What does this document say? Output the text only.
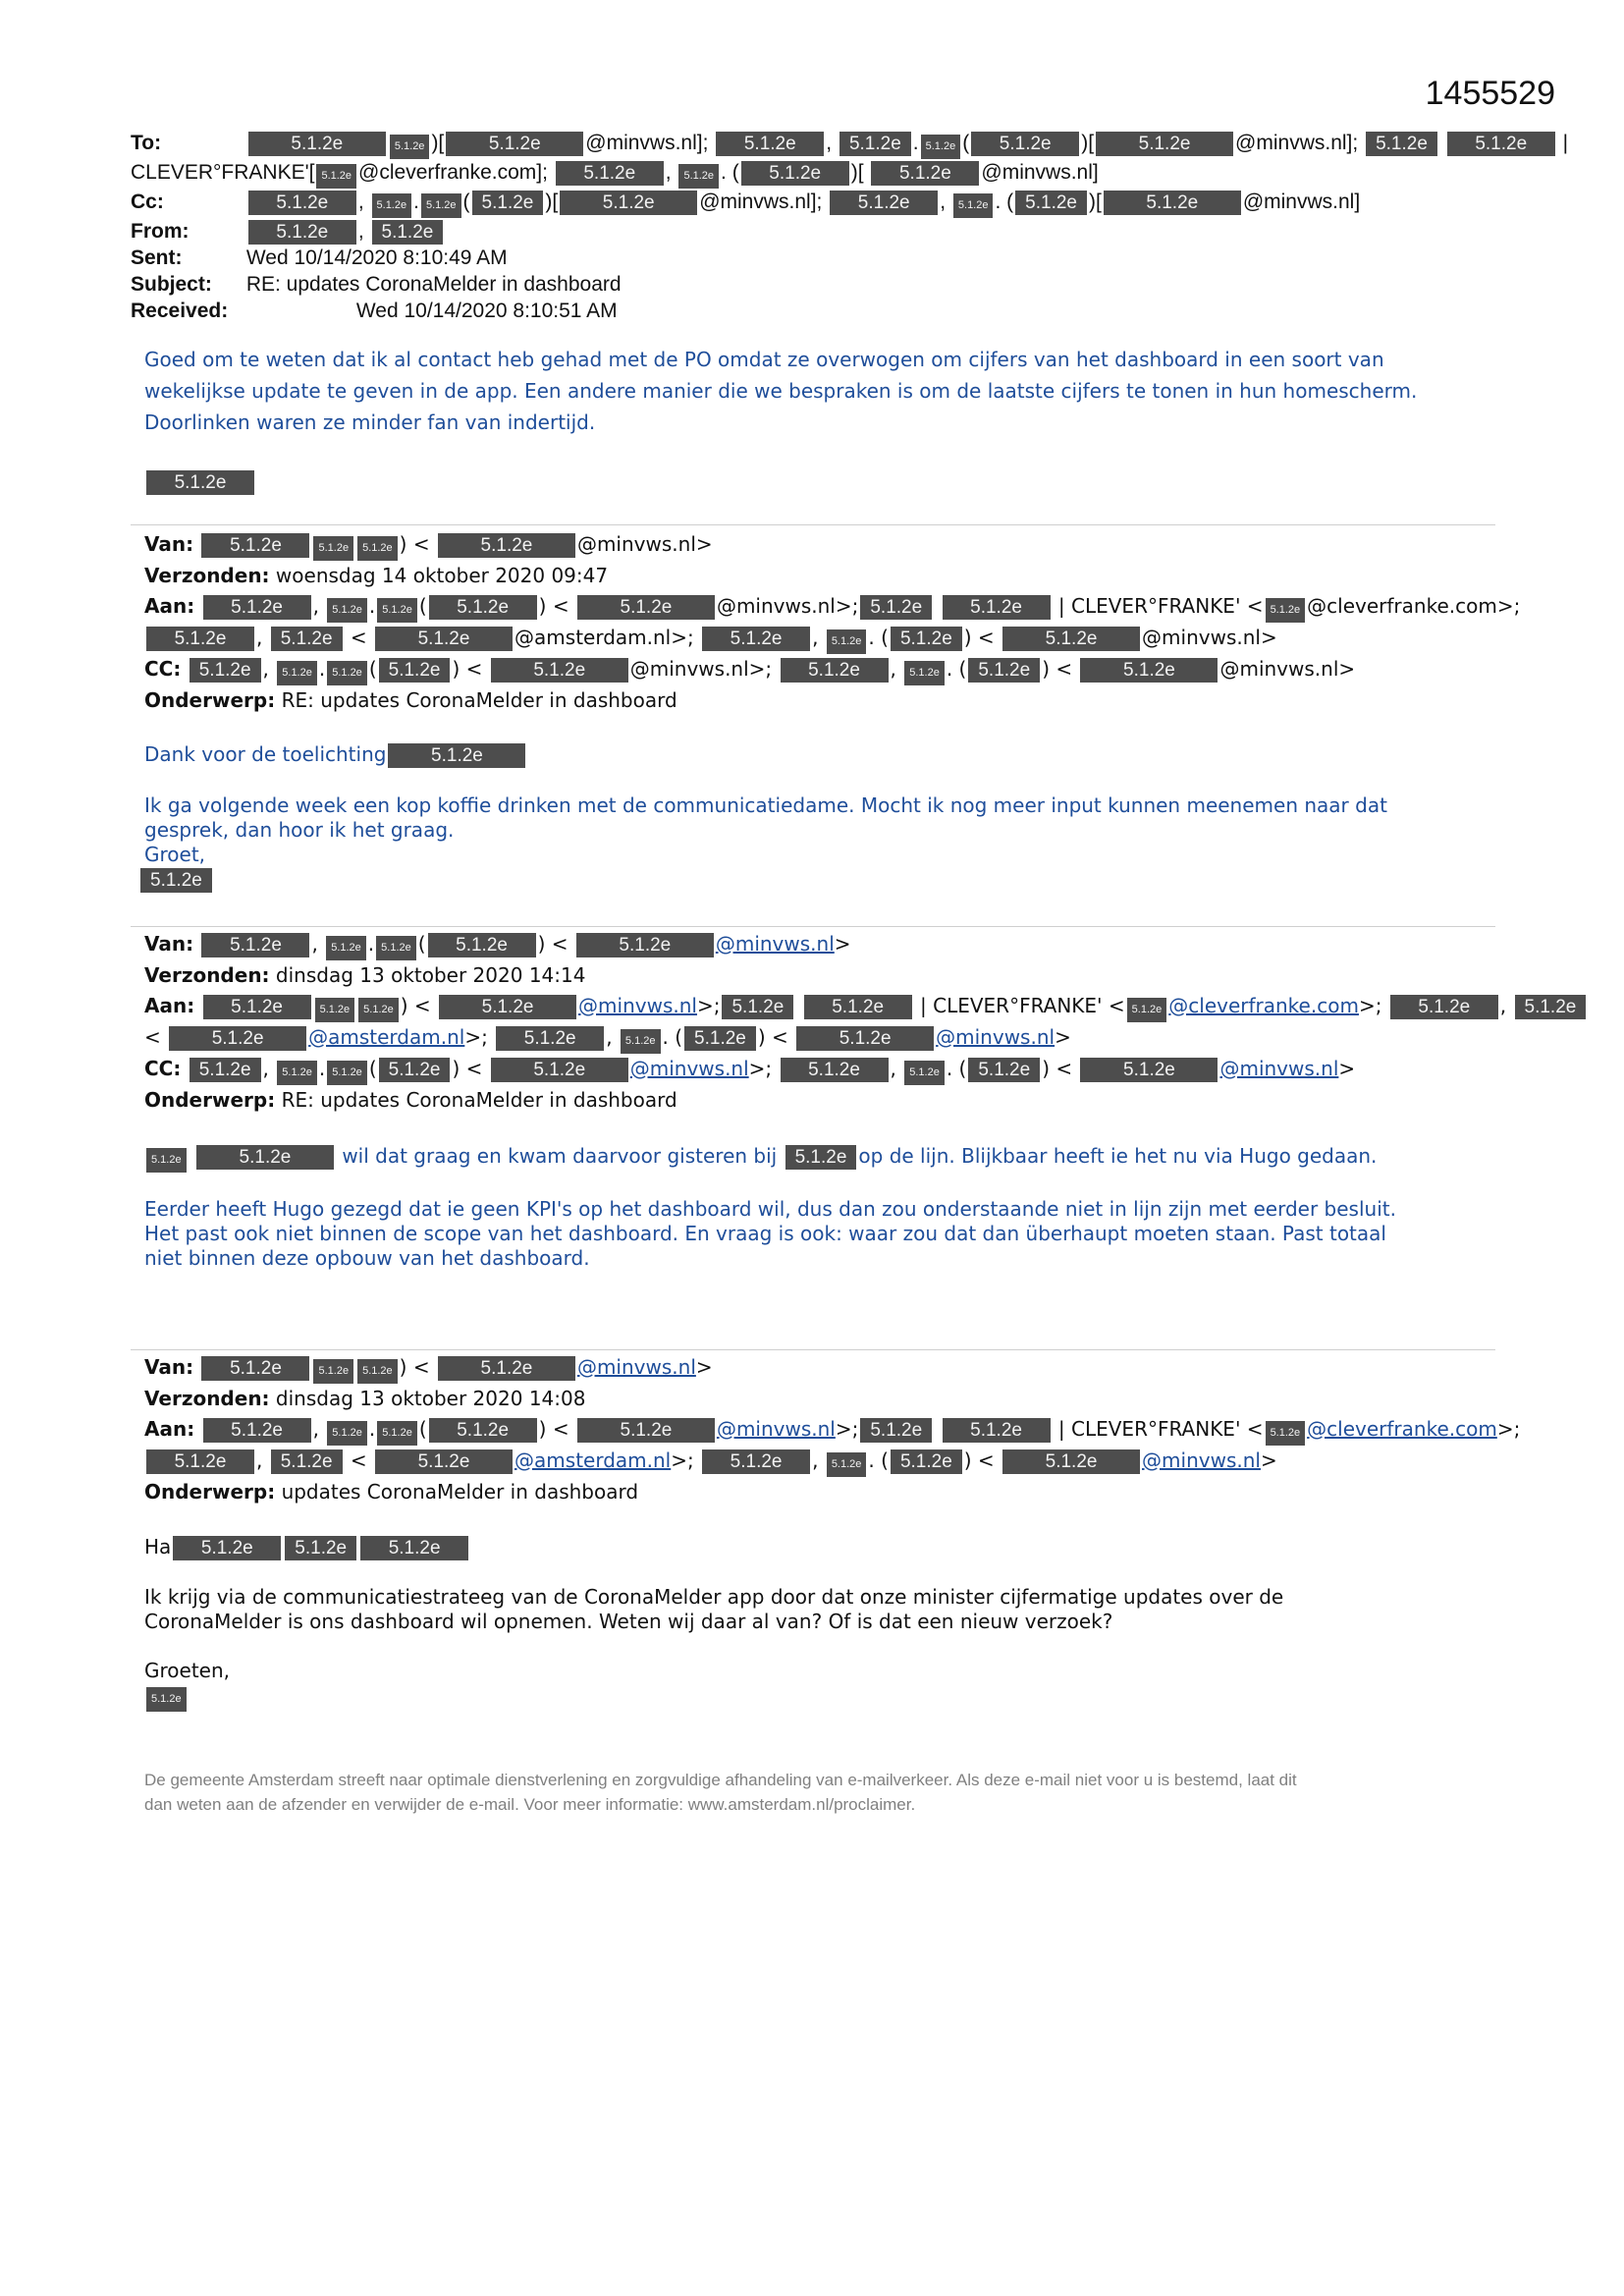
1455529
To:	5.1.2e	5.1.2e )[ 5.1.2e @minvws.nl]; 5.1.2e , 5.1.2e . 5.1.2e ( 5.1.2e )[ 5.1.2e @minvws.nl]; 5.1.2e	5.1.2e |
CLEVER°FRANKE'[ 5.1.2e @cleverfranke.com]; 5.1.2e , 5.1.2e . ( 5.1.2e )[ 5.1.2e @minvws.nl]
Cc:	5.1.2e , 5.1.2e . 5.1.2e ( 5.1.2e )[ 5.1.2e @minvws.nl]; 5.1.2e , 5.1.2e . ( 5.1.2e )[ 5.1.2e @minvws.nl]
From:	5.1.2e , 5.1.2e
Sent:	Wed 10/14/2020 8:10:49 AM
Subject: RE: updates CoronaMelder in dashboard
Received:	Wed 10/14/2020 8:10:51 AM
Goed om te weten dat ik al contact heb gehad met de PO omdat ze overwogen om cijfers van het dashboard in een soort van
wekelijkse update te geven in de app. Een andere manier die we bespraken is om de laatste cijfers te tonen in hun homescherm.
Doorlinken waren ze minder fan van indertijd.
5.1.2e
Van: 5.1.2e	5.1.2e 5.1.2e ) < 5.1.2e @minvws.nl>
Verzonden: woensdag 14 oktober 2020 09:47
Aan: 5.1.2e , 5.1.2e . 5.1.2e ( 5.1.2e ) < 5.1.2e @minvws.nl>; 5.1.2e	5.1.2e | CLEVER°FRANKE' < 5.1.2e @cleverfranke.com>;
5.1.2e , 5.1.2e < 5.1.2e @amsterdam.nl>; 5.1.2e , 5.1.2e . ( 5.1.2e ) < 5.1.2e @minvws.nl>
CC: 5.1.2e , 5.1.2e . 5.1.2e ( 5.1.2e ) < 5.1.2e @minvws.nl>; 5.1.2e , 5.1.2e . ( 5.1.2e ) < 5.1.2e @minvws.nl>
Onderwerp: RE: updates CoronaMelder in dashboard
Dank voor de toelichting 5.1.2e
Ik ga volgende week een kop koffie drinken met de communicatiedame. Mocht ik nog meer input kunnen meenemen naar dat
gesprek, dan hoor ik het graag.
Groet,
5.1.2e
Van: 5.1.2e , 5.1.2e . 5.1.2e ( 5.1.2e ) < 5.1.2e @minvws.nl>
Verzonden: dinsdag 13 oktober 2020 14:14
Aan: 5.1.2e	5.1.2e 5.1.2e ) < 5.1.2e @minvws.nl>; 5.1.2e	5.1.2e | CLEVER°FRANKE' < 5.1.2e @cleverfranke.com>; 5.1.2e , 5.1.2e
< 5.1.2e @amsterdam.nl>; 5.1.2e , 5.1.2e . ( 5.1.2e ) < 5.1.2e @minvws.nl>
CC: 5.1.2e , 5.1.2e . 5.1.2e ( 5.1.2e ) < 5.1.2e @minvws.nl>; 5.1.2e , 5.1.2e . ( 5.1.2e ) < 5.1.2e @minvws.nl>
Onderwerp: RE: updates CoronaMelder in dashboard
5.1.2e	5.1.2e	wil dat graag en kwam daarvoor gisteren bij 5.1.2e op de lijn. Blijkbaar heeft ie het nu via Hugo gedaan.
Eerder heeft Hugo gezegd dat ie geen KPI's op het dashboard wil, dus dan zou onderstaande niet in lijn zijn met eerder besluit.
Het past ook niet binnen de scope van het dashboard. En vraag is ook: waar zou dat dan überhaupt moeten staan. Past totaal
niet binnen deze opbouw van het dashboard.
Van: 5.1.2e	5.1.2e 5.1.2e ) < 5.1.2e @minvws.nl>
Verzonden: dinsdag 13 oktober 2020 14:08
Aan: 5.1.2e , 5.1.2e . 5.1.2e ( 5.1.2e ) < 5.1.2e @minvws.nl>; 5.1.2e	5.1.2e | CLEVER°FRANKE' < 5.1.2e @cleverfranke.com>;
5.1.2e , 5.1.2e < 5.1.2e @amsterdam.nl>; 5.1.2e , 5.1.2e . ( 5.1.2e ) < 5.1.2e @minvws.nl>
Onderwerp: updates CoronaMelder in dashboard
Ha 5.1.2e 5.1.2e 5.1.2e
Ik krijg via de communicatiestrateeg van de CoronaMelder app door dat onze minister cijfermatige updates over de
CoronaMelder is ons dashboard wil opnemen. Weten wij daar al van? Of is dat een nieuw verzoek?
Groeten,
5.1.2e
De gemeente Amsterdam streeft naar optimale dienstverlening en zorgvuldige afhandeling van e-mailverkeer. Als deze e-mail niet voor u is bestemd, laat dit
dan weten aan de afzender en verwijder de e-mail. Voor meer informatie: www.amsterdam.nl/proclaimer.
